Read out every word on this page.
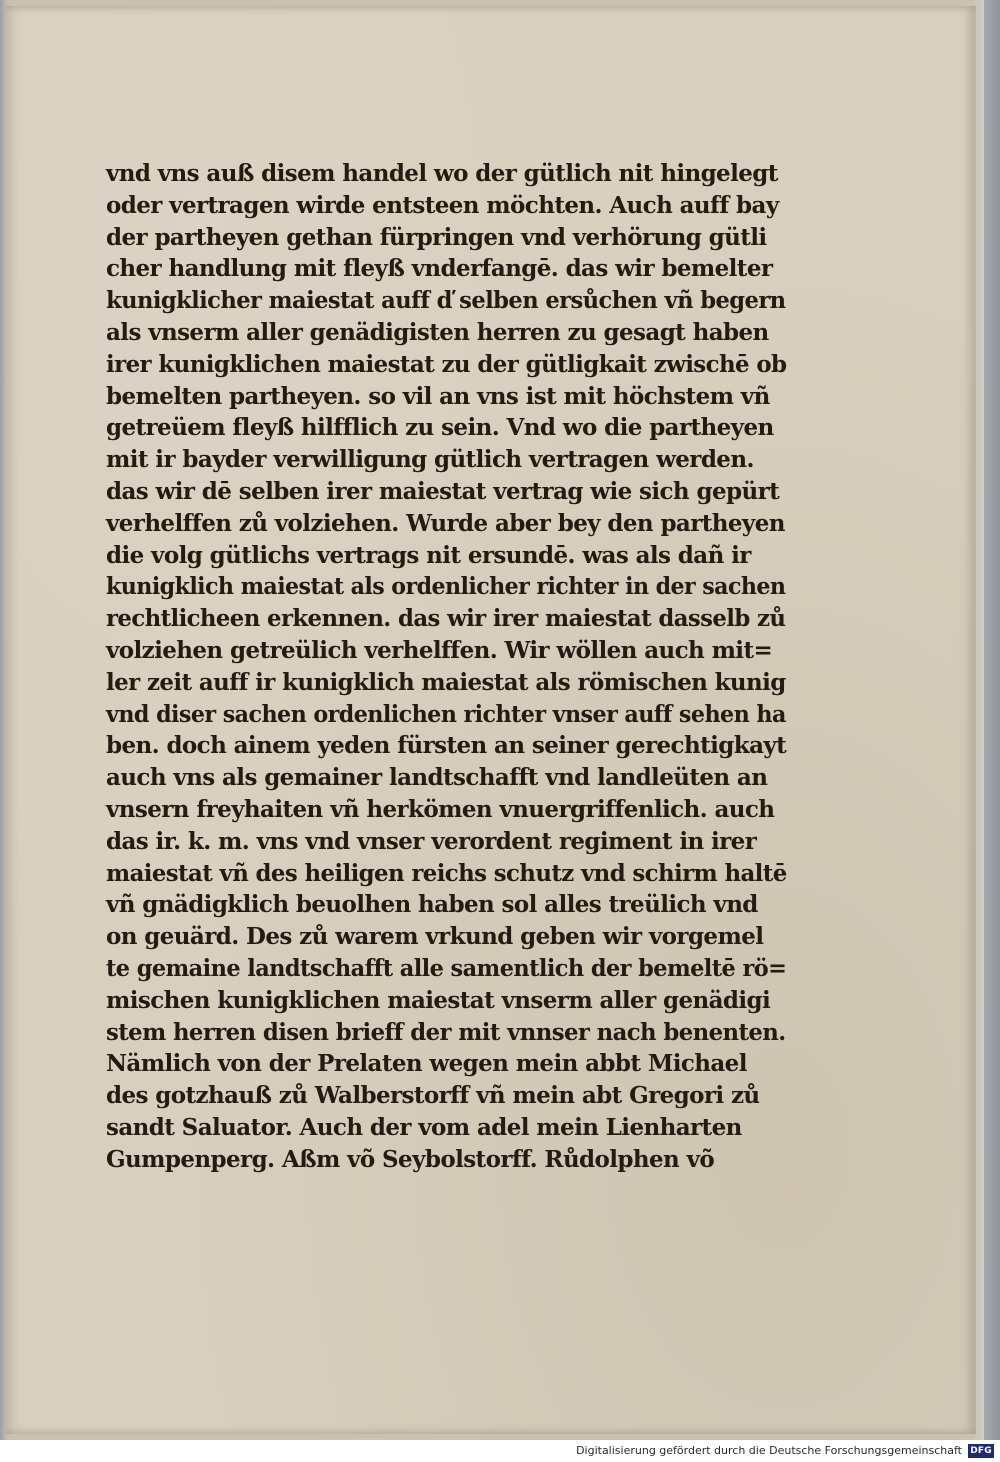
vnd vns auß disem handel wo der gütlich nit hingelegt
oder vertragen wirde entsteen möchten. Auch auff bay
der partheyen gethan fürpringen vnd verhörung gütli
cher handlung mit fleyß vnderfangē. das wir bemelter
kunigklicher maiestat auff ď selben ersůchen vñ begern
als vnserm aller genädigisten herren zu gesagt haben
irer kunigklichen maiestat zu der gütligkait zwischē ob
bemelten partheyen. so vil an vns ist mit höchstem vñ
getreüem fleyß hilfflich zu sein. Vnd wo die partheyen
mit ir bayder verwilligung gütlich vertragen werden.
das wir dē selben irer maiestat vertrag wie sich gepürt
verhelffen zů volziehen. Wurde aber bey den partheyen
die volg gütlichs vertrags nit ersundē. was als dañ ir
kunigklich maiestat als ordenlicher richter in der sachen
rechtlicheen erkennen. das wir irer maiestat dasselb zů
volziehen getreülich verhelffen. Wir wöllen auch mit=
ler zeit auff ir kunigklich maiestat als römischen kunig
vnd diser sachen ordenlichen richter vnser auff sehen ha
ben. doch ainem yeden fürsten an seiner gerechtigkayt
auch vns als gemainer landtschafft vnd landleüten an
vnsern freyhaiten vñ herkömen vnuergriffenlich. auch
das ir. k. m. vns vnd vnser verordent regiment in irer
maiestat vñ des heiligen reichs schutz vnd schirm haltē
vñ gnädigklich beuolhen haben sol alles treülich vnd
on geuärd. Des zů warem vrkund geben wir vorgemel
te gemaine landtschafft alle samentlich der bemeltē rö=
mischen kunigklichen maiestat vnserm aller genädigi
stem herren disen brieff der mit vnnser nach benenten.
Nämlich von der Prelaten wegen mein abbt Michael
des gotzhauß zů Walberstorff vñ mein abt Gregori zů
sandt Saluator. Auch der vom adel mein Lienharten
Gumpenperg. Aßm võ Seybolstorff. Růdolphen võ
Digitalisierung gefördert durch die Deutsche Forschungsgemeinschaft DFG
